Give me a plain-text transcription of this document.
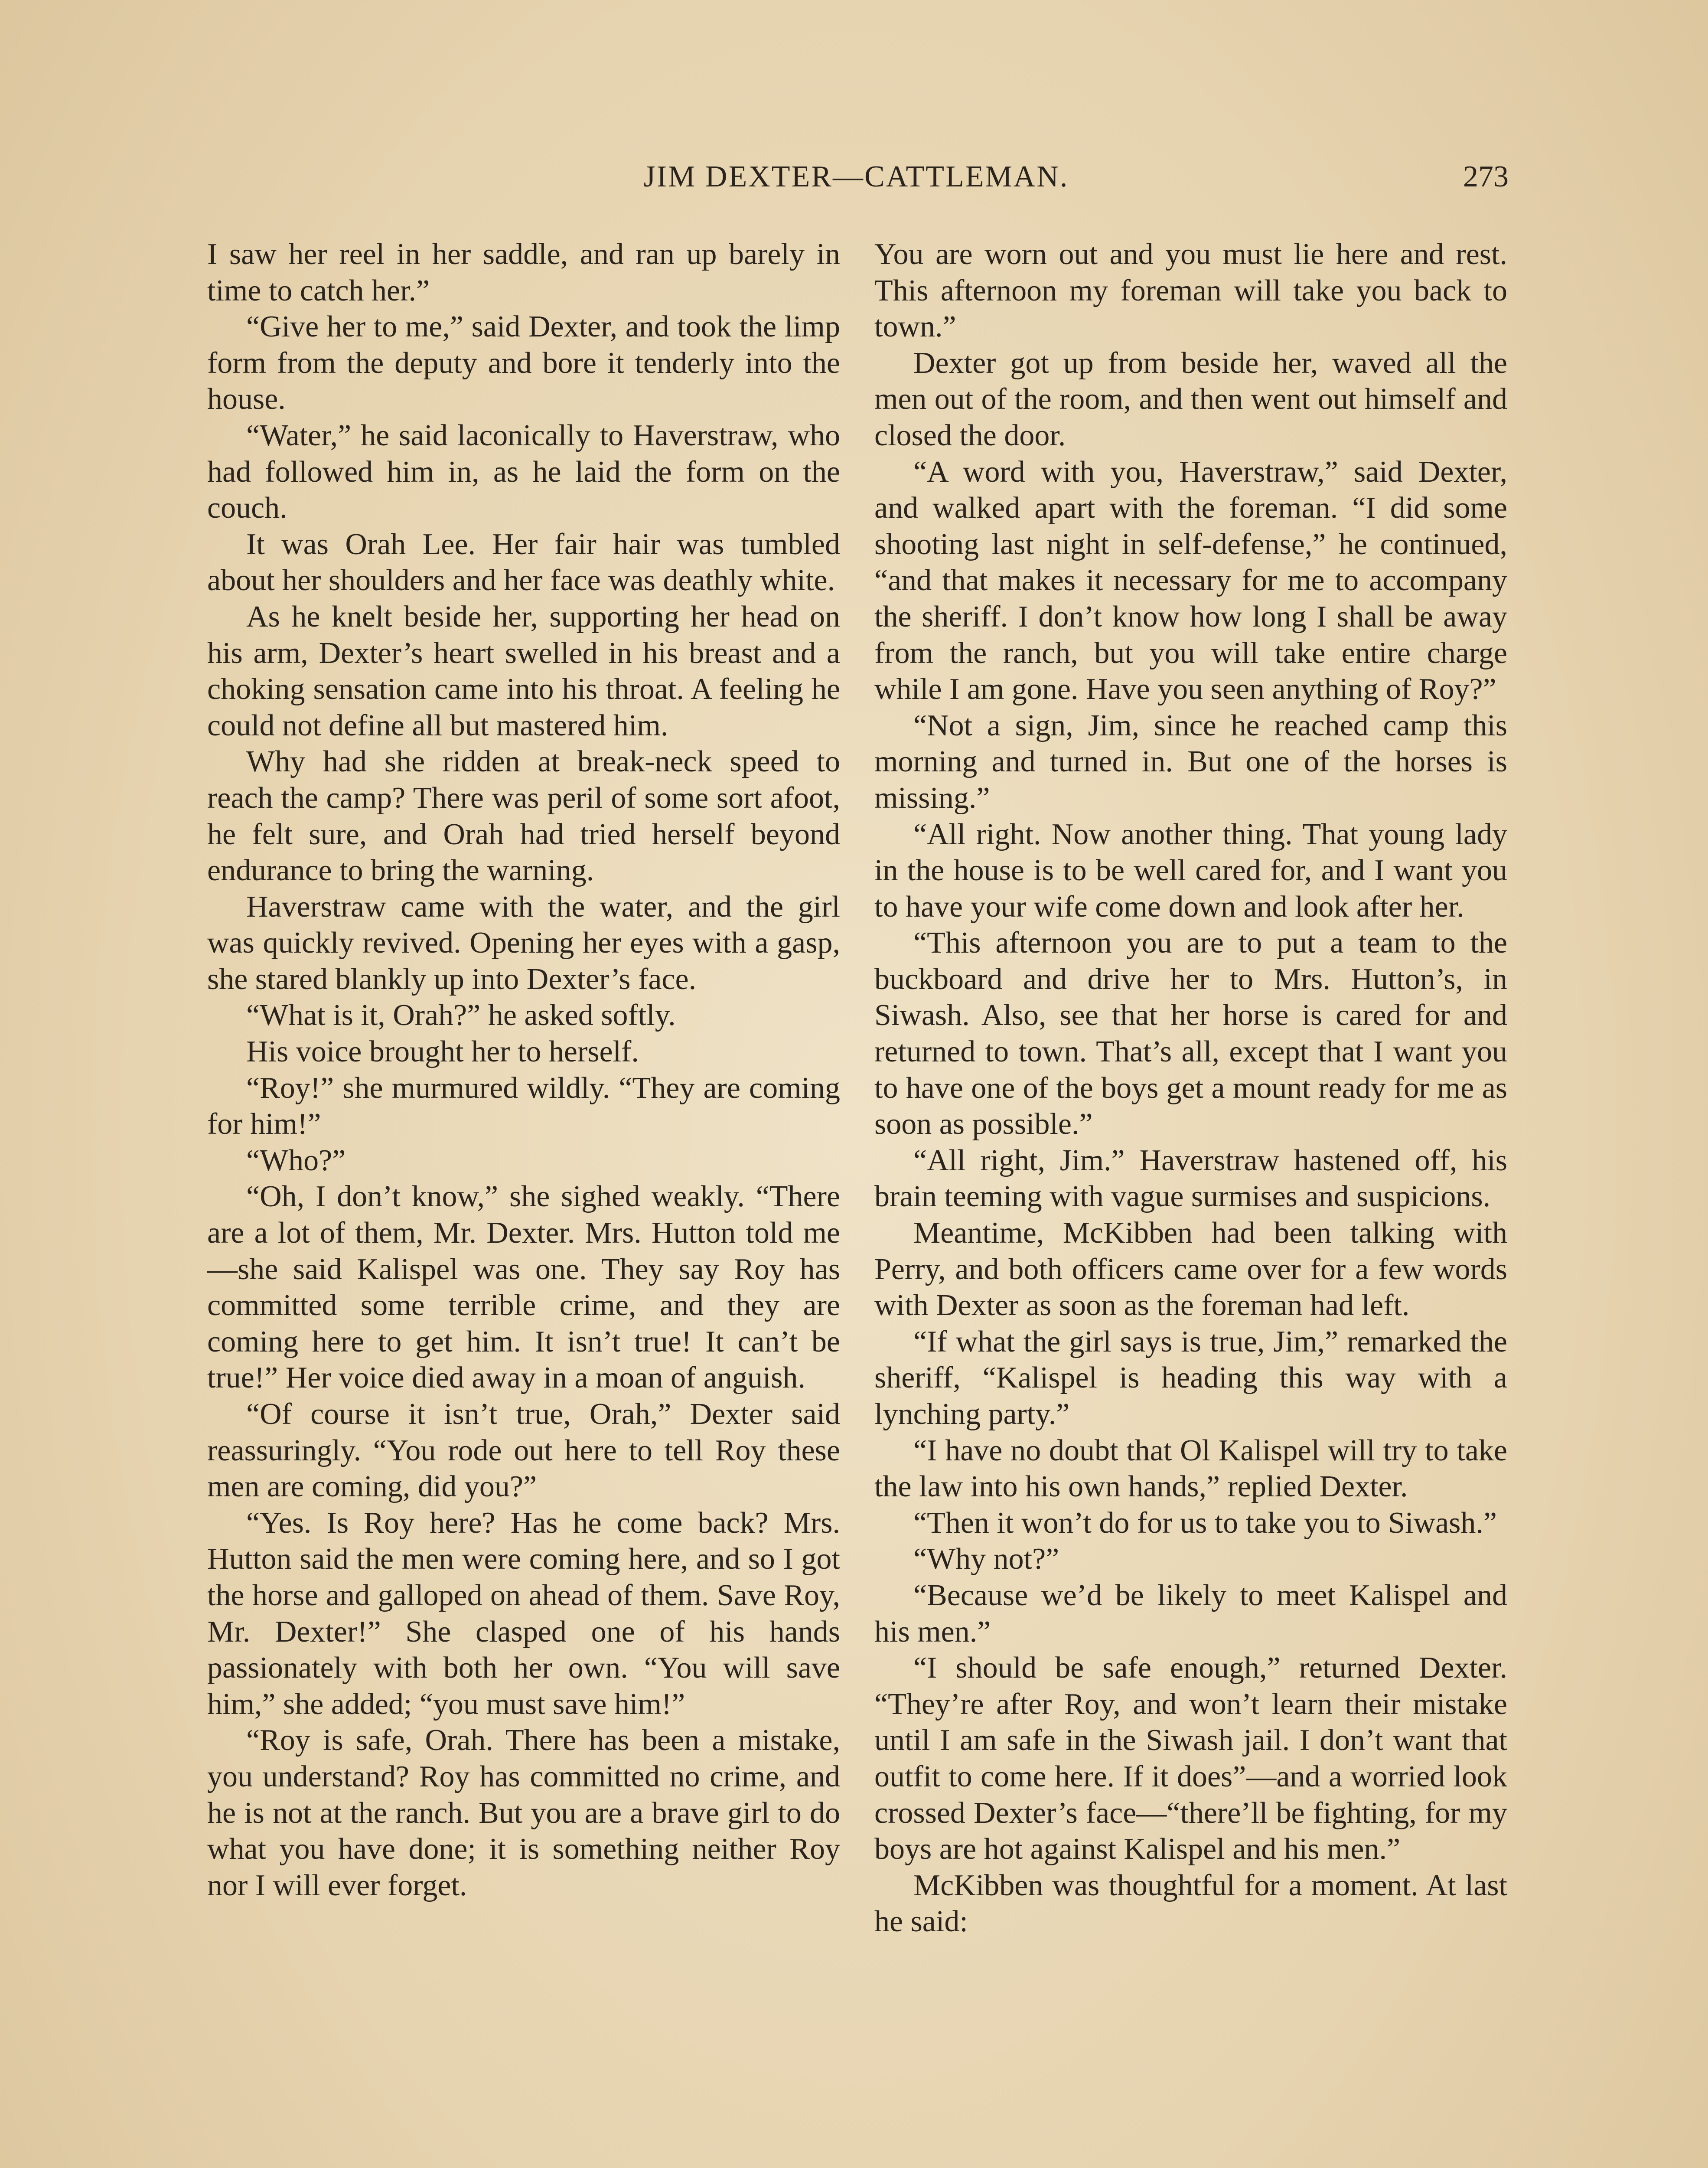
JIM DEXTER—CATTLEMAN.	273

I saw her reel in her saddle, and ran up barely in time to catch her.”

“Give her to me,” said Dexter, and took the limp form from the deputy and bore it tenderly into the house.

“Water,” he said laconically to Haverstraw, who had followed him in, as he laid the form on the couch.

It was Orah Lee. Her fair hair was tumbled about her shoulders and her face was deathly white.

As he knelt beside her, supporting her head on his arm, Dexter’s heart swelled in his breast and a choking sensation came into his throat. A feeling he could not define all but mastered him.

Why had she ridden at break-neck speed to reach the camp? There was peril of some sort afoot, he felt sure, and Orah had tried herself beyond endurance to bring the warning.

Haverstraw came with the water, and the girl was quickly revived. Opening her eyes with a gasp, she stared blankly up into Dexter’s face.

“What is it, Orah?” he asked softly.

His voice brought her to herself.

“Roy!” she murmured wildly. “They are coming for him!”

“Who?”

“Oh, I don’t know,” she sighed weakly. “There are a lot of them, Mr. Dexter. Mrs. Hutton told me—she said Kalispel was one. They say Roy has committed some terrible crime, and they are coming here to get him. It isn’t true! It can’t be true!” Her voice died away in a moan of anguish.

“Of course it isn’t true, Orah,” Dexter said reassuringly. “You rode out here to tell Roy these men are coming, did you?”

“Yes. Is Roy here? Has he come back? Mrs. Hutton said the men were coming here, and so I got the horse and galloped on ahead of them. Save Roy, Mr. Dexter!” She clasped one of his hands passionately with both her own. “You will save him,” she added; “you must save him!”

“Roy is safe, Orah. There has been a mistake, you understand? Roy has committed no crime, and he is not at the ranch. But you are a brave girl to do what you have done; it is something neither Roy nor I will ever forget.

You are worn out and you must lie here and rest. This afternoon my foreman will take you back to town.”

Dexter got up from beside her, waved all the men out of the room, and then went out himself and closed the door.

“A word with you, Haverstraw,” said Dexter, and walked apart with the foreman. “I did some shooting last night in self-defense,” he continued, “and that makes it necessary for me to accompany the sheriff. I don’t know how long I shall be away from the ranch, but you will take entire charge while I am gone. Have you seen anything of Roy?”

“Not a sign, Jim, since he reached camp this morning and turned in. But one of the horses is missing.”

“All right. Now another thing. That young lady in the house is to be well cared for, and I want you to have your wife come down and look after her.

“This afternoon you are to put a team to the buckboard and drive her to Mrs. Hutton’s, in Siwash. Also, see that her horse is cared for and returned to town. That’s all, except that I want you to have one of the boys get a mount ready for me as soon as possible.”

“All right, Jim.” Haverstraw hastened off, his brain teeming with vague surmises and suspicions.

Meantime, McKibben had been talking with Perry, and both officers came over for a few words with Dexter as soon as the foreman had left.

“If what the girl says is true, Jim,” remarked the sheriff, “Kalispel is heading this way with a lynching party.”

“I have no doubt that Ol Kalispel will try to take the law into his own hands,” replied Dexter.

“Then it won’t do for us to take you to Siwash.”

“Why not?”

“Because we’d be likely to meet Kalispel and his men.”

“I should be safe enough,” returned Dexter. “They’re after Roy, and won’t learn their mistake until I am safe in the Siwash jail. I don’t want that outfit to come here. If it does”—and a worried look crossed Dexter’s face—“there’ll be fighting, for my boys are hot against Kalispel and his men.”

McKibben was thoughtful for a moment. At last he said:
